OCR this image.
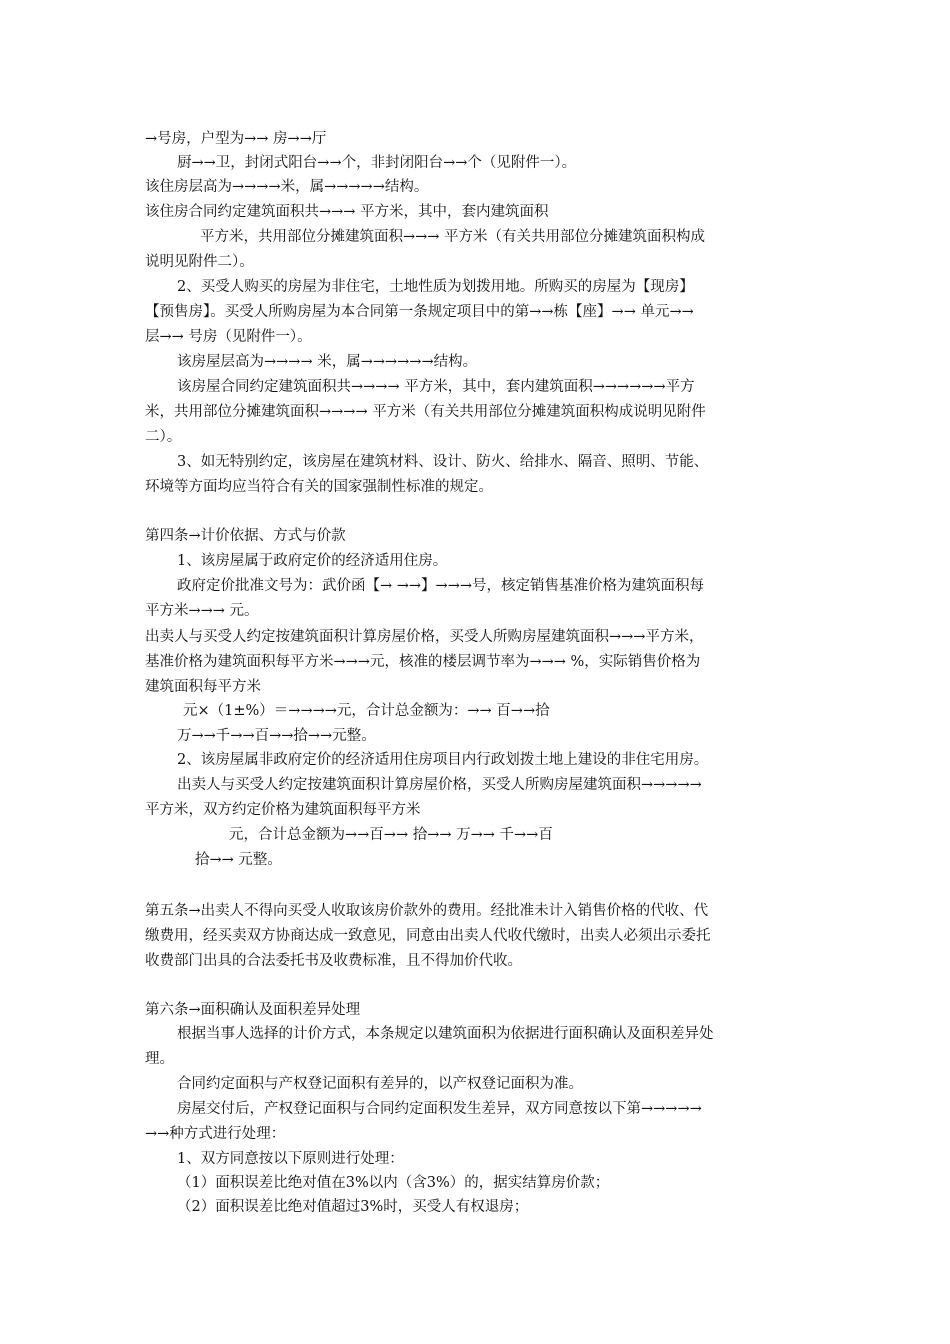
→号房，户型为→→ 房→→厅
厨→→卫，封闭式阳台→→个，非封闭阳台→→个（见附件一）。
该住房层高为→→→→米，属→→→→→结构。
该住房合同约定建筑面积共→→→ 平方米，其中，套内建筑面积
平方米，共用部位分摊建筑面积→→→ 平方米（有关共用部位分摊建筑面积构成
说明见附件二）。
2、买受人购买的房屋为非住宅，土地性质为划拨用地。所购买的房屋为【现房】
【预售房】。买受人所购房屋为本合同第一条规定项目中的第→→栋【座】→→ 单元→→
层→→ 号房（见附件一）。
该房屋层高为→→→→ 米，属→→→→→→结构。
该房屋合同约定建筑面积共→→→→ 平方米，其中，套内建筑面积→→→→→→平方
米，共用部位分摊建筑面积→→→→ 平方米（有关共用部位分摊建筑面积构成说明见附件
二）。
3、如无特别约定，该房屋在建筑材料、设计、防火、给排水、隔音、照明、节能、
环境等方面均应当符合有关的国家强制性标准的规定。
第四条→计价依据、方式与价款
1、该房屋属于政府定价的经济适用住房。
政府定价批准文号为：武价函【→ →→】→→→号，核定销售基准价格为建筑面积每
平方米→→→ 元。
出卖人与买受人约定按建筑面积计算房屋价格，买受人所购房屋建筑面积→→→平方米，
基准价格为建筑面积每平方米→→→元，核准的楼层调节率为→→→ %，实际销售价格为
建筑面积每平方米
元×（1±%）＝→→→→元，合计总金额为：→→ 百→→拾
万→→千→→百→→拾→→元整。
2、该房屋属非政府定价的经济适用住房项目内行政划拨土地上建设的非住宅用房。
出卖人与买受人约定按建筑面积计算房屋价格，买受人所购房屋建筑面积→→→→→
平方米，双方约定价格为建筑面积每平方米
元，合计总金额为→→百→→ 拾→→ 万→→ 千→→百
拾→→ 元整。
第五条→出卖人不得向买受人收取该房价款外的费用。经批准未计入销售价格的代收、代
缴费用，经买卖双方协商达成一致意见，同意由出卖人代收代缴时，出卖人必须出示委托
收费部门出具的合法委托书及收费标准，且不得加价代收。
第六条→面积确认及面积差异处理
根据当事人选择的计价方式，本条规定以建筑面积为依据进行面积确认及面积差异处
理。
合同约定面积与产权登记面积有差异的，以产权登记面积为准。
房屋交付后，产权登记面积与合同约定面积发生差异，双方同意按以下第→→→→→
→→种方式进行处理：
1、双方同意按以下原则进行处理：
（1）面积误差比绝对值在3%以内（含3%）的，据实结算房价款；
（2）面积误差比绝对值超过3%时，买受人有权退房；
